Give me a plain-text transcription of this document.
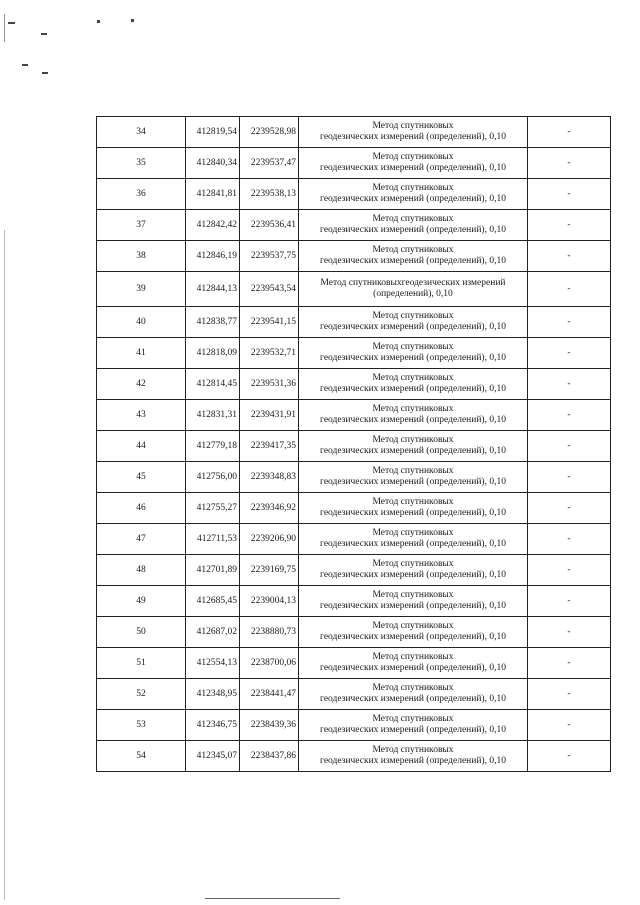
34	412819,54	2239528,98	Метод спутниковых
геодезических измерений (определений), 0,10	-
35	412840,34	2239537,47	Метод спутниковых
геодезических измерений (определений), 0,10	-
36	412841,81	2239538,13	Метод спутниковых
геодезических измерений (определений), 0,10	-
37	412842,42	2239536,41	Метод спутниковых
геодезических измерений (определений), 0,10	-
38	412846,19	2239537,75	Метод спутниковых
геодезических измерений (определений), 0,10	-
39	412844,13	2239543,54	Метод спутниковыхгеодезических измерений
(определений), 0,10	-
40	412838,77	2239541,15	Метод спутниковых
геодезических измерений (определений), 0,10	-
41	412818,09	2239532,71	Метод спутниковых
геодезических измерений (определений), 0,10	-
42	412814,45	2239531,36	Метод спутниковых
геодезических измерений (определений), 0,10	-
43	412831,31	2239431,91	Метод спутниковых
геодезических измерений (определений), 0,10	-
44	412779,18	2239417,35	Метод спутниковых
геодезических измерений (определений), 0,10	-
45	412756,00	2239348,83	Метод спутниковых
геодезических измерений (определений), 0,10	-
46	412755,27	2239346,92	Метод спутниковых
геодезических измерений (определений), 0,10	-
47	412711,53	2239206,90	Метод спутниковых
геодезических измерений (определений), 0,10	-
48	412701,89	2239169,75	Метод спутниковых
геодезических измерений (определений), 0,10	-
49	412685,45	2239004,13	Метод спутниковых
геодезических измерений (определений), 0,10	-
50	412687,02	2238880,73	Метод спутниковых
геодезических измерений (определений), 0,10	-
51	412554,13	2238700,06	Метод спутниковых
геодезических измерений (определений), 0,10	-
52	412348,95	2238441,47	Метод спутниковых
геодезических измерений (определений), 0,10	-
53	412346,75	2238439,36	Метод спутниковых
геодезических измерений (определений), 0,10	-
54	412345,07	2238437,86	Метод спутниковых
геодезических измерений (определений), 0,10	-
